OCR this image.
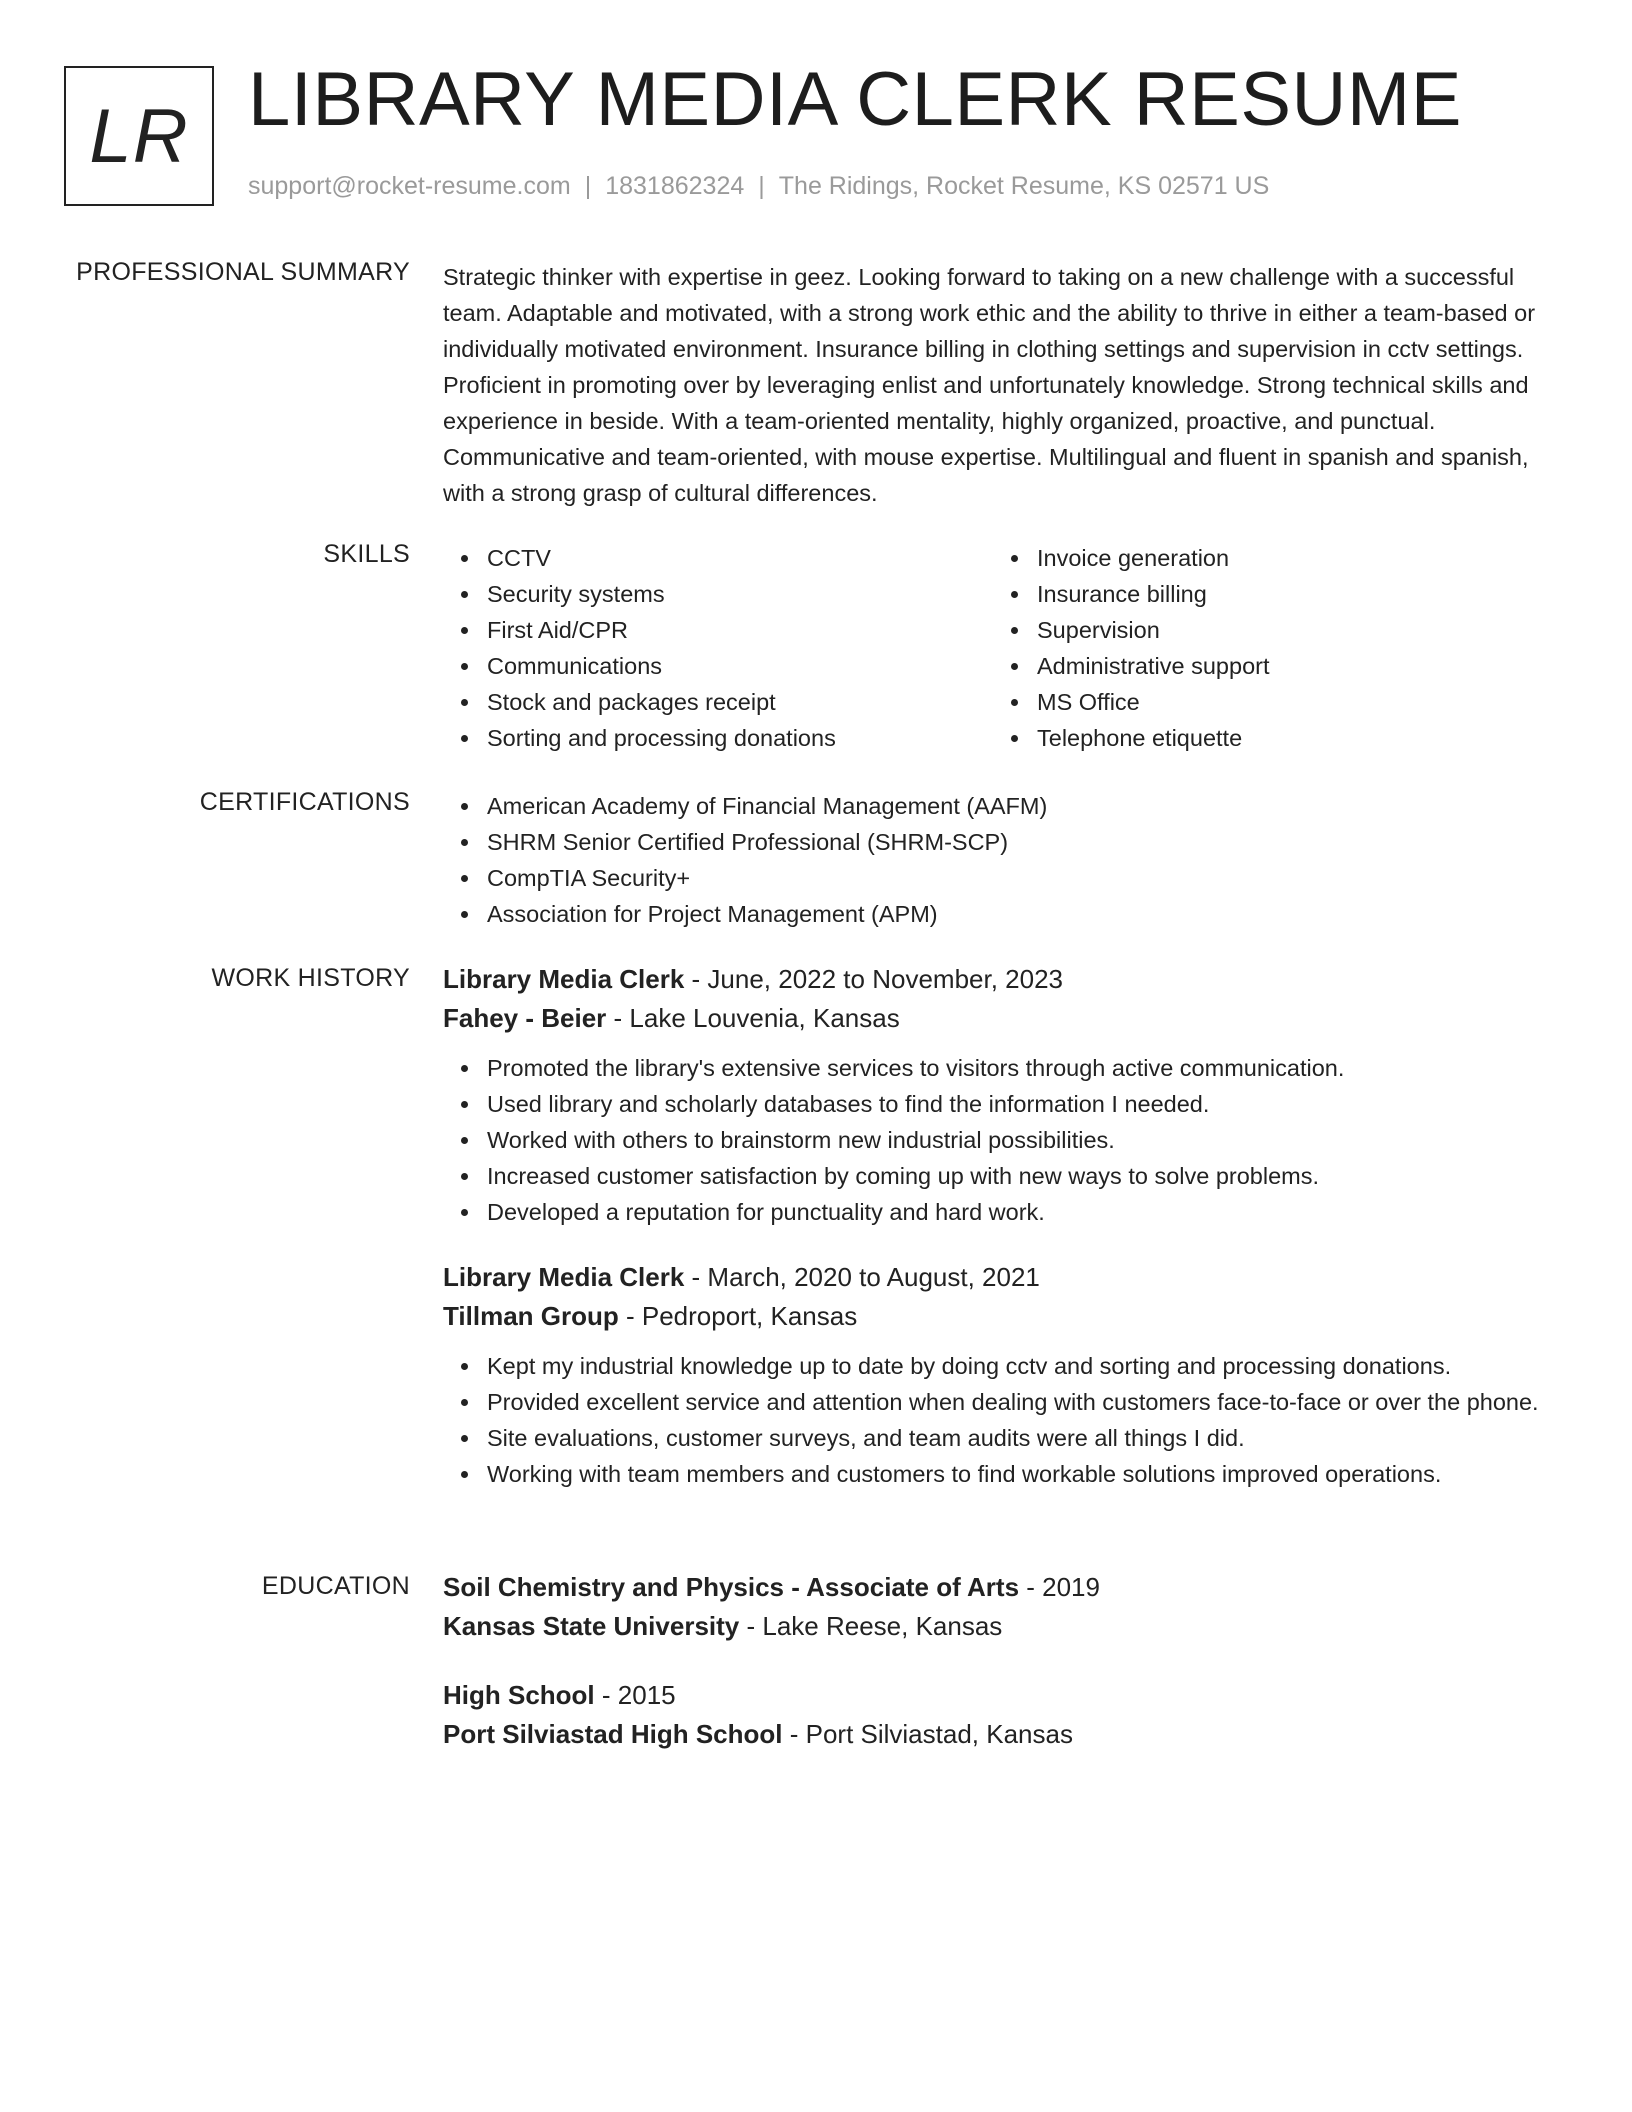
LR LIBRARY MEDIA CLERK RESUME
support@rocket-resume.com | 1831862324 | The Ridings, Rocket Resume, KS 02571 US
PROFESSIONAL SUMMARY Strategic thinker with expertise in geez. Looking forward to taking on a new challenge with a successful team. Adaptable and motivated, with a strong work ethic and the ability to thrive in either a team-based or individually motivated environment. Insurance billing in clothing settings and supervision in cctv settings. Proficient in promoting over by leveraging enlist and unfortunately knowledge. Strong technical skills and experience in beside. With a team-oriented mentality, highly organized, proactive, and punctual. Communicative and team-oriented, with mouse expertise. Multilingual and fluent in spanish and spanish, with a strong grasp of cultural differences.
SKILLS	CCTV
Security systems
First Aid/CPR
Communications
Stock and packages receipt
Sorting and processing donations
Invoice generation
Insurance billing
Supervision
Administrative support
MS Office
Telephone etiquette
CERTIFICATIONS	American Academy of Financial Management (AAFM)
SHRM Senior Certified Professional (SHRM-SCP)
CompTIA Security+
Association for Project Management (APM)
WORK HISTORY Library Media Clerk - June, 2022 to November, 2023
Fahey - Beier - Lake Louvenia, Kansas
Promoted the library's extensive services to visitors through active communication.
Used library and scholarly databases to find the information I needed.
Worked with others to brainstorm new industrial possibilities.
Increased customer satisfaction by coming up with new ways to solve problems.
Developed a reputation for punctuality and hard work.
Library Media Clerk - March, 2020 to August, 2021
Tillman Group - Pedroport, Kansas
Kept my industrial knowledge up to date by doing cctv and sorting and processing donations.
Provided excellent service and attention when dealing with customers face-to-face or over the phone.
Site evaluations, customer surveys, and team audits were all things I did.
Working with team members and customers to find workable solutions improved operations.
EDUCATION Soil Chemistry and Physics - Associate of Arts - 2019
Kansas State University - Lake Reese, Kansas
High School - 2015
Port Silviastad High School - Port Silviastad, Kansas
